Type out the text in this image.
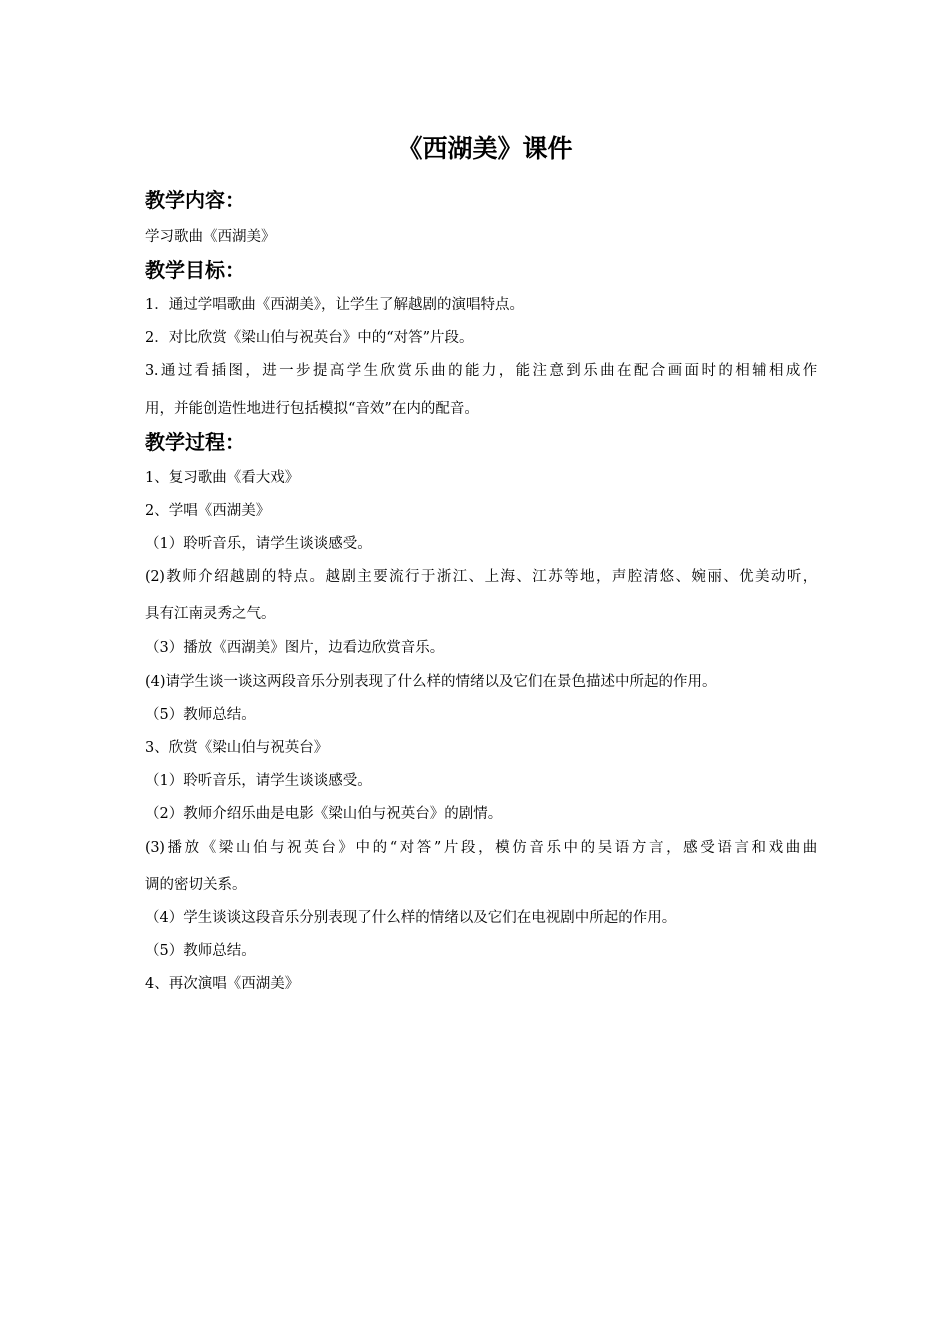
《西湖美》课件
教学内容：

学习歌曲《西湖美》

教学目标：

1．通过学唱歌曲《西湖美》，让学生了解越剧的演唱特点。

2．对比欣赏《梁山伯与祝英台》中的“对答”片段。

3.通过看插图，进一步提高学生欣赏乐曲的能力，能注意到乐曲在配合画面时的相辅相成作

用，并能创造性地进行包括模拟“音效”在内的配音。

教学过程：

1、复习歌曲《看大戏》

2、学唱《西湖美》

（1）聆听音乐，请学生谈谈感受。

(2)教师介绍越剧的特点。越剧主要流行于浙江、上海、江苏等地，声腔清悠、婉丽、优美动听，

具有江南灵秀之气。

（3）播放《西湖美》图片，边看边欣赏音乐。

(4)请学生谈一谈这两段音乐分别表现了什么样的情绪以及它们在景色描述中所起的作用。

（5）教师总结。

3、欣赏《梁山伯与祝英台》

（1）聆听音乐，请学生谈谈感受。

（2）教师介绍乐曲是电影《梁山伯与祝英台》的剧情。

(3)播放《梁山伯与祝英台》中的“对答”片段，模仿音乐中的吴语方言，感受语言和戏曲曲

调的密切关系。

（4）学生谈谈这段音乐分别表现了什么样的情绪以及它们在电视剧中所起的作用。

（5）教师总结。

4、再次演唱《西湖美》
